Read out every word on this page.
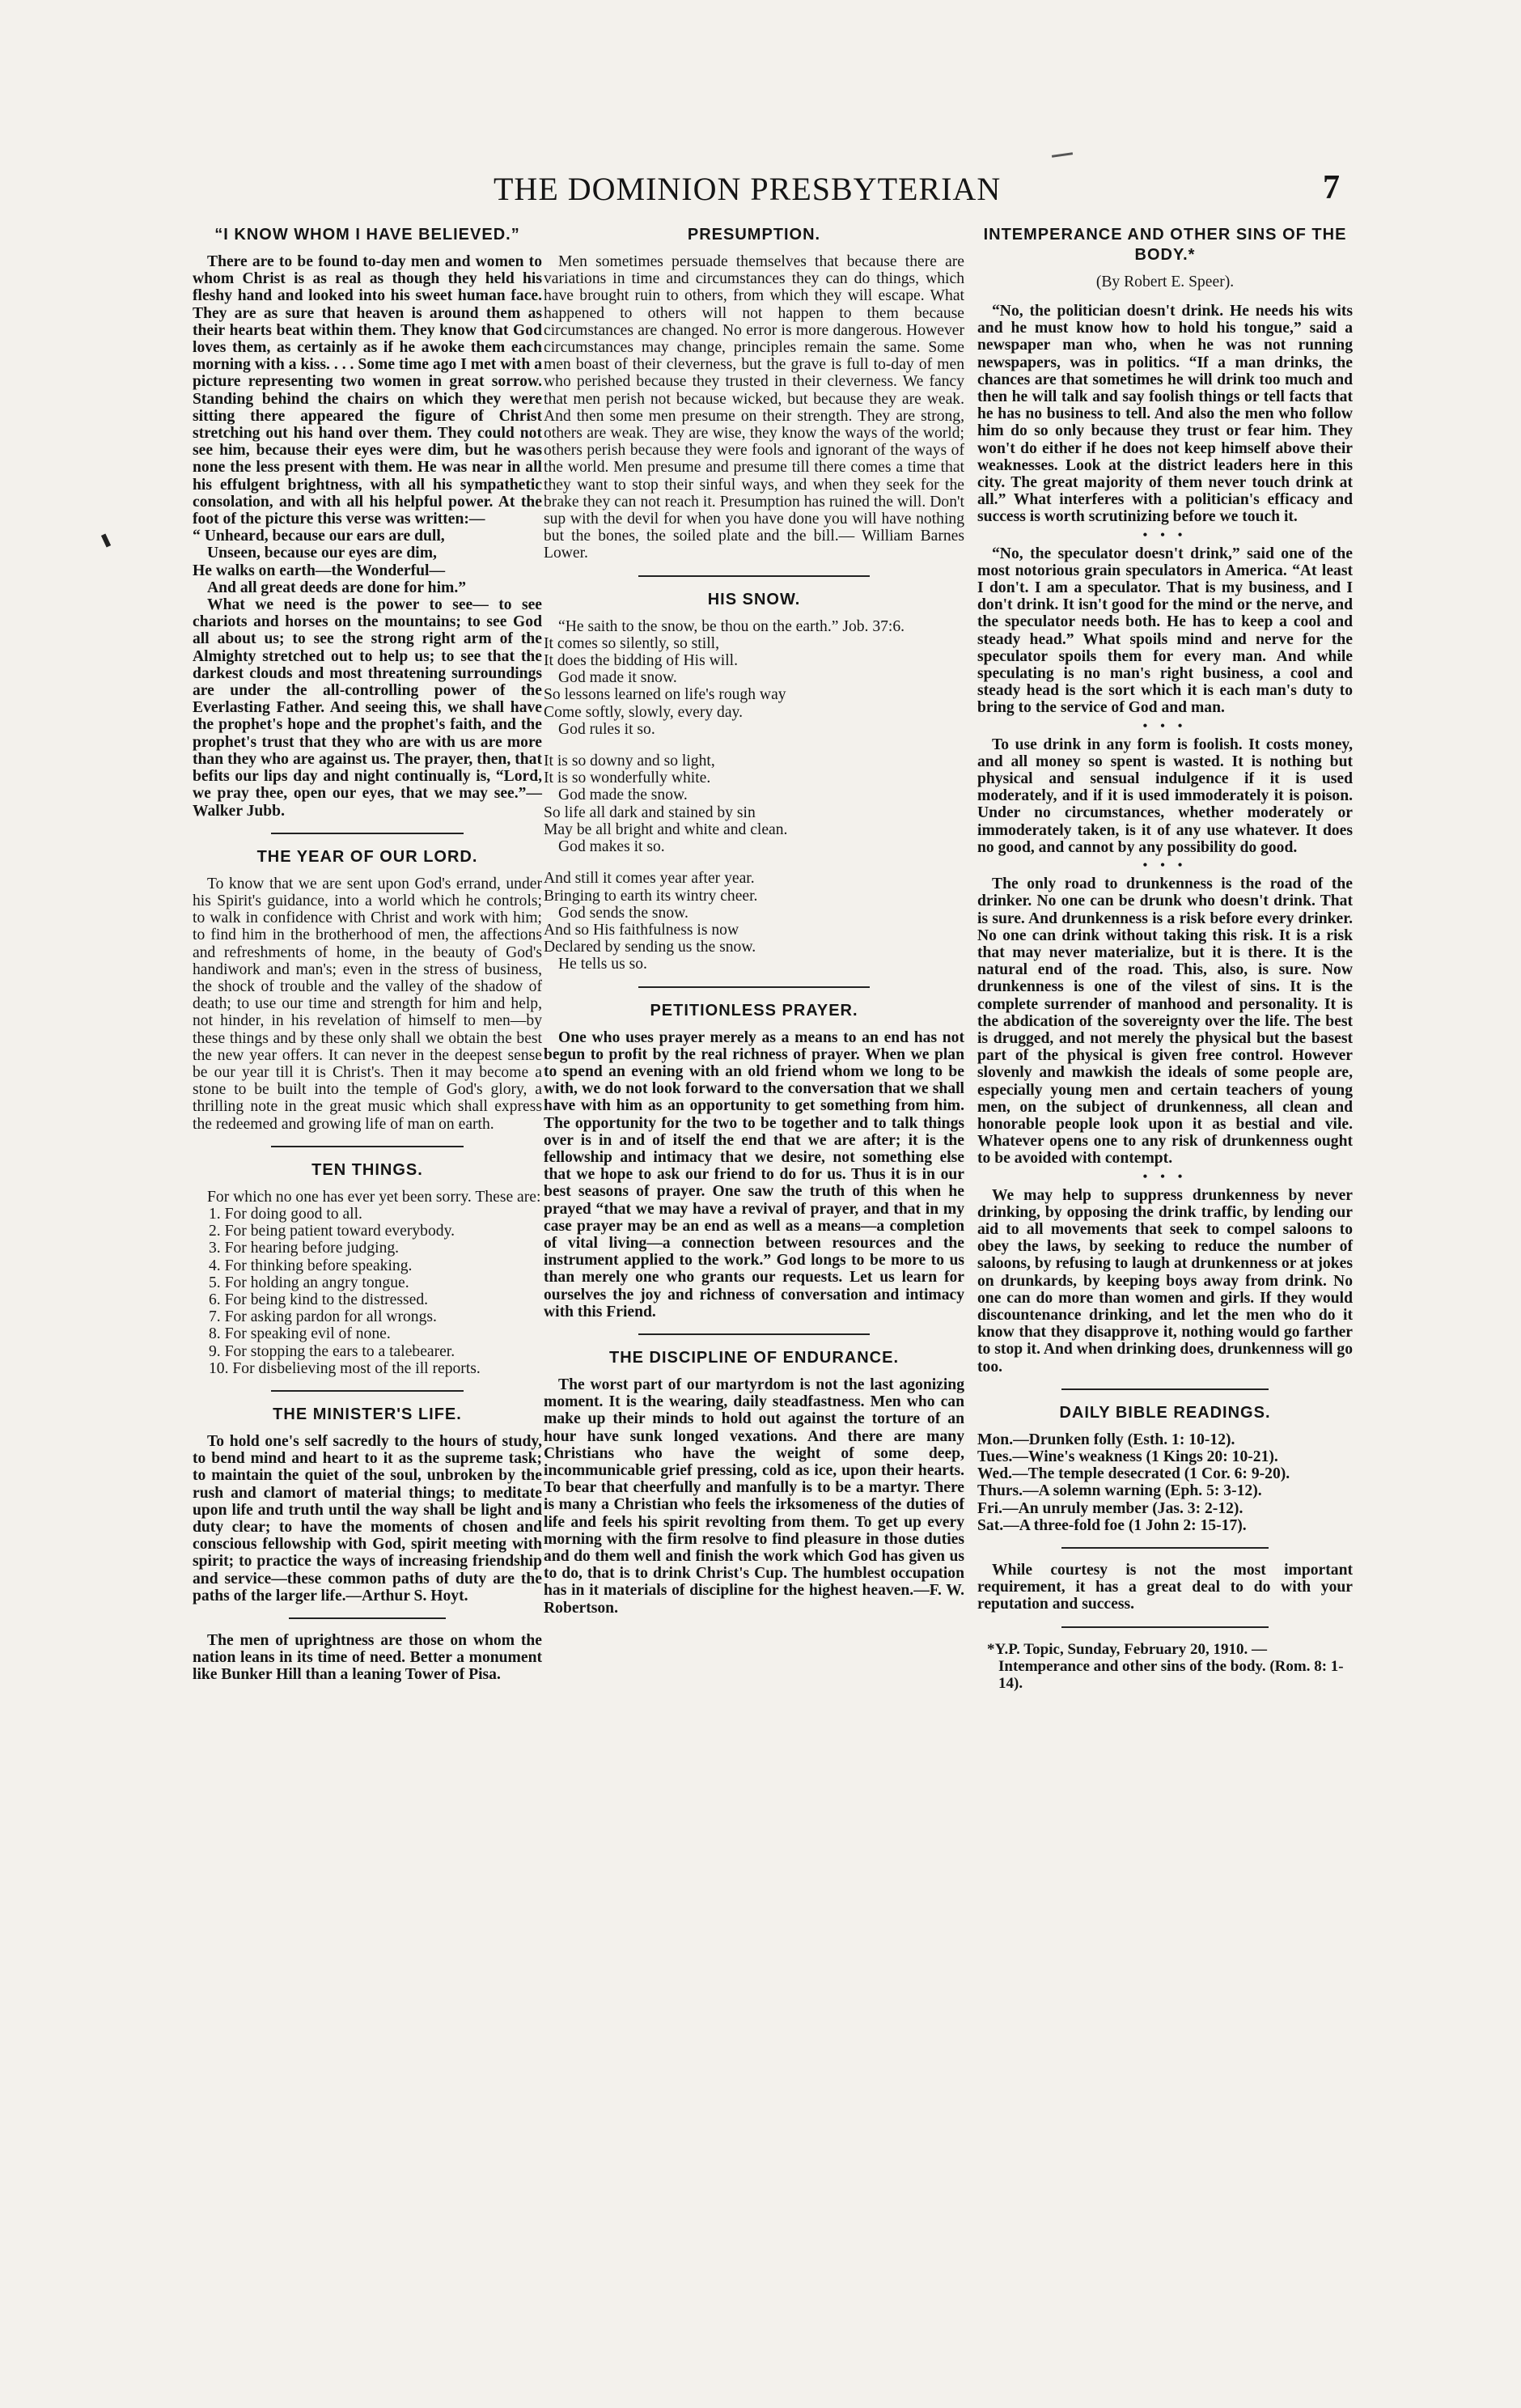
THE DOMINION PRESBYTERIAN	7
“I KNOW WHOM I HAVE BELIEVED.”

There are to be found to-day men and women to whom Christ is as real as though they held his fleshy hand and looked into his sweet human face. They are as sure that heaven is around them as their hearts beat within them. They know that God loves them, as certainly as if he awoke them each morning with a kiss. . . . Some time ago I met with a picture representing two women in great sorrow. Standing behind the chairs on which they were sitting there appeared the figure of Christ stretching out his hand over them. They could not see him, because their eyes were dim, but he was none the less present with them. He was near in all his effulgent brightness, with all his sympathetic consolation, and with all his helpful power. At the foot of the picture this verse was written:—

“ Unheard, because our ears are dull,

Unseen, because our eyes are dim,

He walks on earth—the Wonderful—

And all great deeds are done for him.”

What we need is the power to see— to see chariots and horses on the mountains; to see God all about us; to see the strong right arm of the Almighty stretched out to help us; to see that the darkest clouds and most threatening surroundings are under the all-controlling power of the Everlasting Father. And seeing this, we shall have the prophet's hope and the prophet's faith, and the prophet's trust that they who are with us are more than they who are against us. The prayer, then, that befits our lips day and night continually is, “Lord, we pray thee, open our eyes, that we may see.”—Walker Jubb.

THE YEAR OF OUR LORD.

To know that we are sent upon God's errand, under his Spirit's guidance, into a world which he controls; to walk in confidence with Christ and work with him; to find him in the brotherhood of men, the affections and refreshments of home, in the beauty of God's handiwork and man's; even in the stress of business, the shock of trouble and the valley of the shadow of death; to use our time and strength for him and help, not hinder, in his revelation of himself to men—by these things and by these only shall we obtain the best the new year offers. It can never in the deepest sense be our year till it is Christ's. Then it may become a stone to be built into the temple of God's glory, a thrilling note in the great music which shall express the redeemed and growing life of man on earth.

TEN THINGS.

For which no one has ever yet been sorry. These are:

1. For doing good to all.

2. For being patient toward everybody.

3. For hearing before judging.

4. For thinking before speaking.

5. For holding an angry tongue.

6. For being kind to the distressed.

7. For asking pardon for all wrongs.

8. For speaking evil of none.

9. For stopping the ears to a talebearer.

10. For disbelieving most of the ill reports.

THE MINISTER'S LIFE.

To hold one's self sacredly to the hours of study, to bend mind and heart to it as the supreme task; to maintain the quiet of the soul, unbroken by the rush and clamort of material things; to meditate upon life and truth until the way shall be light and duty clear; to have the moments of chosen and conscious fellowship with God, spirit meeting with spirit; to practice the ways of increasing friendship and service—these common paths of duty are the paths of the larger life.—Arthur S. Hoyt.

The men of uprightness are those on whom the nation leans in its time of need. Better a monument like Bunker Hill than a leaning Tower of Pisa.

PRESUMPTION.

Men sometimes persuade themselves that because there are variations in time and circumstances they can do things, which have brought ruin to others, from which they will escape. What happened to others will not happen to them because circumstances are changed. No error is more dangerous. However circumstances may change, principles remain the same. Some men boast of their cleverness, but the grave is full to-day of men who perished because they trusted in their cleverness. We fancy that men perish not because wicked, but because they are weak. And then some men presume on their strength. They are strong, others are weak. They are wise, they know the ways of the world; others perish because they were fools and ignorant of the ways of the world. Men presume and presume till there comes a time that they want to stop their sinful ways, and when they seek for the brake they can not reach it. Presumption has ruined the will. Don't sup with the devil for when you have done you will have nothing but the bones, the soiled plate and the bill.— William Barnes Lower.

HIS SNOW.

“He saith to the snow, be thou on the earth.” Job. 37:6.

It comes so silently, so still,

It does the bidding of His will.

God made it snow.

So lessons learned on life's rough way

Come softly, slowly, every day.

God rules it so.

It is so downy and so light,

It is so wonderfully white.

God made the snow.

So life all dark and stained by sin

May be all bright and white and clean.

God makes it so.

And still it comes year after year.

Bringing to earth its wintry cheer.

God sends the snow.

And so His faithfulness is now

Declared by sending us the snow.

He tells us so.

PETITIONLESS PRAYER.

One who uses prayer merely as a means to an end has not begun to profit by the real richness of prayer. When we plan to spend an evening with an old friend whom we long to be with, we do not look forward to the conversation that we shall have with him as an opportunity to get something from him. The opportunity for the two to be together and to talk things over is in and of itself the end that we are after; it is the fellowship and intimacy that we desire, not something else that we hope to ask our friend to do for us. Thus it is in our best seasons of prayer. One saw the truth of this when he prayed “that we may have a revival of prayer, and that in my case prayer may be an end as well as a means—a completion of vital living—a connection between resources and the instrument applied to the work.” God longs to be more to us than merely one who grants our requests. Let us learn for ourselves the joy and richness of conversation and intimacy with this Friend.

THE DISCIPLINE OF ENDURANCE.

The worst part of our martyrdom is not the last agonizing moment. It is the wearing, daily steadfastness. Men who can make up their minds to hold out against the torture of an hour have sunk longed vexations. And there are many Christians who have the weight of some deep, incommunicable grief pressing, cold as ice, upon their hearts. To bear that cheerfully and manfully is to be a martyr. There is many a Christian who feels the irksomeness of the duties of life and feels his spirit revolting from them. To get up every morning with the firm resolve to find pleasure in those duties and do them well and finish the work which God has given us to do, that is to drink Christ's Cup. The humblest occupation has in it materials of discipline for the highest heaven.—F. W. Robertson.

INTEMPERANCE AND OTHER SINS OF THE BODY.*
(By Robert E. Speer).

“No, the politician doesn't drink. He needs his wits and he must know how to hold his tongue,” said a newspaper man who, when he was not running newspapers, was in politics. “If a man drinks, the chances are that sometimes he will drink too much and then he will talk and say foolish things or tell facts that he has no business to tell. And also the men who follow him do so only because they trust or fear him. They won't do either if he does not keep himself above their weaknesses. Look at the district leaders here in this city. The great majority of them never touch drink at all.” What interferes with a politician's efficacy and success is worth scrutinizing before we touch it.

• • •

“No, the speculator doesn't drink,” said one of the most notorious grain speculators in America. “At least I don't. I am a speculator. That is my business, and I don't drink. It isn't good for the mind or the nerve, and the speculator needs both. He has to keep a cool and steady head.” What spoils mind and nerve for the speculator spoils them for every man. And while speculating is no man's right business, a cool and steady head is the sort which it is each man's duty to bring to the service of God and man.

• • •

To use drink in any form is foolish. It costs money, and all money so spent is wasted. It is nothing but physical and sensual indulgence if it is used moderately, and if it is used immoderately it is poison. Under no circumstances, whether moderately or immoderately taken, is it of any use whatever. It does no good, and cannot by any possibility do good.

• • •

The only road to drunkenness is the road of the drinker. No one can be drunk who doesn't drink. That is sure. And drunkenness is a risk before every drinker. No one can drink without taking this risk. It is a risk that may never materialize, but it is there. It is the natural end of the road. This, also, is sure. Now drunkenness is one of the vilest of sins. It is the complete surrender of manhood and personality. It is the abdication of the sovereignty over the life. The best is drugged, and not merely the physical but the basest part of the physical is given free control. However slovenly and mawkish the ideals of some people are, especially young men and certain teachers of young men, on the subject of drunkenness, all clean and honorable people look upon it as bestial and vile. Whatever opens one to any risk of drunkenness ought to be avoided with contempt.

• • •

We may help to suppress drunkenness by never drinking, by opposing the drink traffic, by lending our aid to all movements that seek to compel saloons to obey the laws, by seeking to reduce the number of saloons, by refusing to laugh at drunkenness or at jokes on drunkards, by keeping boys away from drink. No one can do more than women and girls. If they would discountenance drinking, and let the men who do it know that they disapprove it, nothing would go farther to stop it. And when drinking does, drunkenness will go too.

DAILY BIBLE READINGS.

Mon.—Drunken folly (Esth. 1: 10-12).

Tues.—Wine's weakness (1 Kings 20: 10-21).

Wed.—The temple desecrated (1 Cor. 6: 9-20).

Thurs.—A solemn warning (Eph. 5: 3-12).

Fri.—An unruly member (Jas. 3: 2-12).

Sat.—A three-fold foe (1 John 2: 15-17).

While courtesy is not the most important requirement, it has a great deal to do with your reputation and success.

*Y.P. Topic, Sunday, February 20, 1910. —Intemperance and other sins of the body. (Rom. 8: 1-14).
